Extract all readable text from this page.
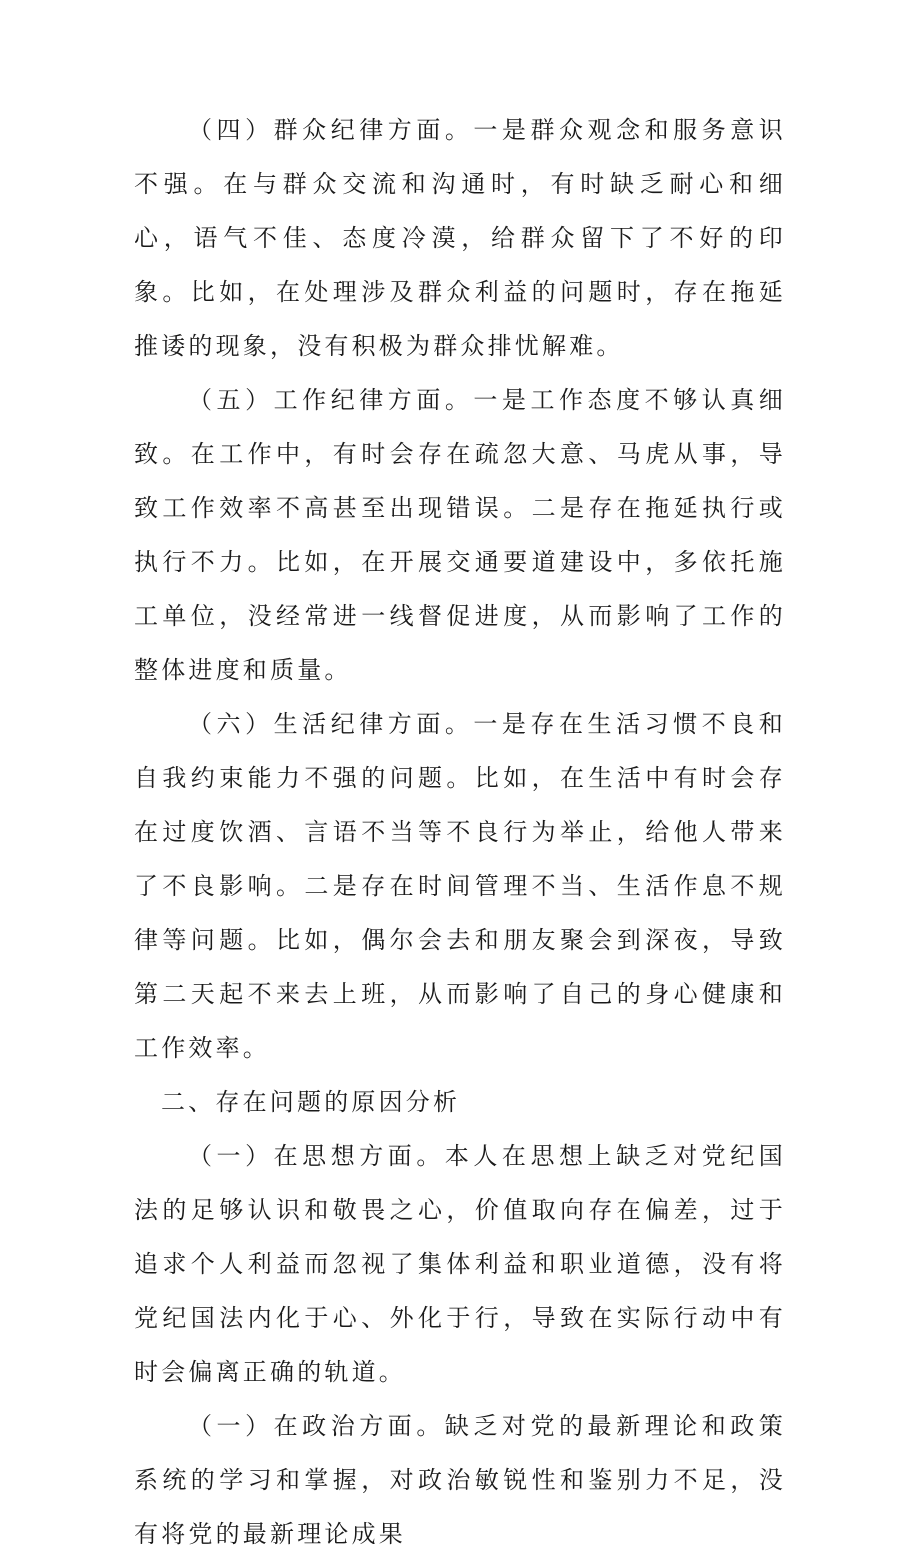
（四）群众纪律方面。一是群众观念和服务意识不强。在与群众交流和沟通时，有时缺乏耐心和细心，语气不佳、态度冷漠，给群众留下了不好的印象。比如，在处理涉及群众利益的问题时，存在拖延推诿的现象，没有积极为群众排忧解难。

（五）工作纪律方面。一是工作态度不够认真细致。在工作中，有时会存在疏忽大意、马虎从事，导致工作效率不高甚至出现错误。二是存在拖延执行或执行不力。比如，在开展交通要道建设中，多依托施工单位，没经常进一线督促进度，从而影响了工作的整体进度和质量。

（六）生活纪律方面。一是存在生活习惯不良和自我约束能力不强的问题。比如，在生活中有时会存在过度饮酒、言语不当等不良行为举止，给他人带来了不良影响。二是存在时间管理不当、生活作息不规律等问题。比如，偶尔会去和朋友聚会到深夜，导致第二天起不来去上班，从而影响了自己的身心健康和工作效率。

二、存在问题的原因分析

（一）在思想方面。本人在思想上缺乏对党纪国法的足够认识和敬畏之心，价值取向存在偏差，过于追求个人利益而忽视了集体利益和职业道德，没有将党纪国法内化于心、外化于行，导致在实际行动中有时会偏离正确的轨道。

（一）在政治方面。缺乏对党的最新理论和政策系统的学习和掌握，对政治敏锐性和鉴别力不足，没有将党的最新理论成果
